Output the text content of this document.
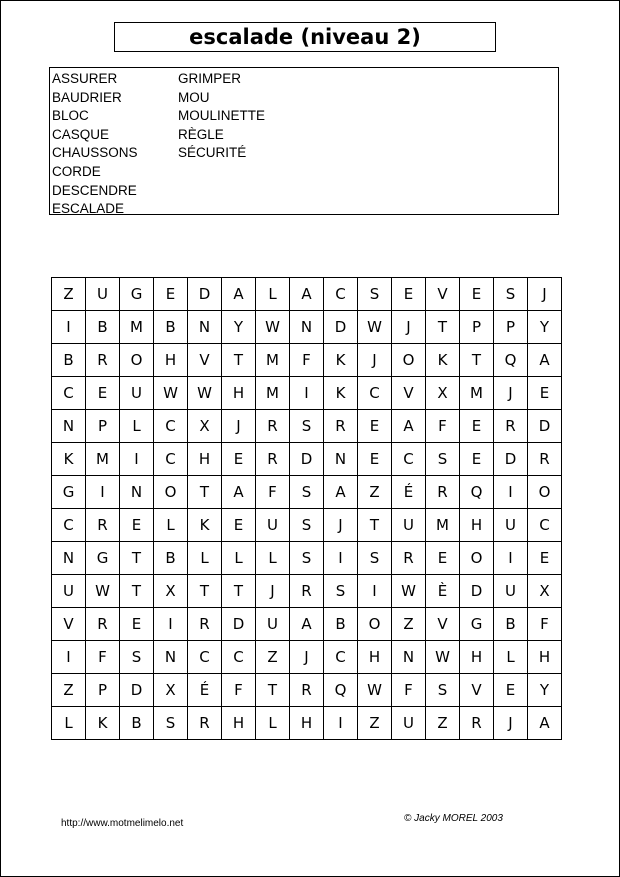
escalade (niveau 2)
ASSURER
BAUDRIER
BLOC
CASQUE
CHAUSSONS
CORDE
DESCENDRE
ESCALADE
GRIMPER
MOU
MOULINETTE
RÈGLE
SÉCURITÉ
Z	U	G	E	D	A	L	A	C	S	E	V	E	S	J
I	B	M	B	N	Y	W	N	D	W	J	T	P	P	Y
B	R	O	H	V	T	M	F	K	J	O	K	T	Q	A
C	E	U	W	W	H	M	I	K	C	V	X	M	J	E
N	P	L	C	X	J	R	S	R	E	A	F	E	R	D
K	M	I	C	H	E	R	D	N	E	C	S	E	D	R
G	I	N	O	T	A	F	S	A	Z	É	R	Q	I	O
C	R	E	L	K	E	U	S	J	T	U	M	H	U	C
N	G	T	B	L	L	L	S	I	S	R	E	O	I	E
U	W	T	X	T	T	J	R	S	I	W	È	D	U	X
V	R	E	I	R	D	U	A	B	O	Z	V	G	B	F
I	F	S	N	C	C	Z	J	C	H	N	W	H	L	H
Z	P	D	X	É	F	T	R	Q	W	F	S	V	E	Y
L	K	B	S	R	H	L	H	I	Z	U	Z	R	J	A
http://www.motmelimelo.net	© Jacky MOREL 2003
